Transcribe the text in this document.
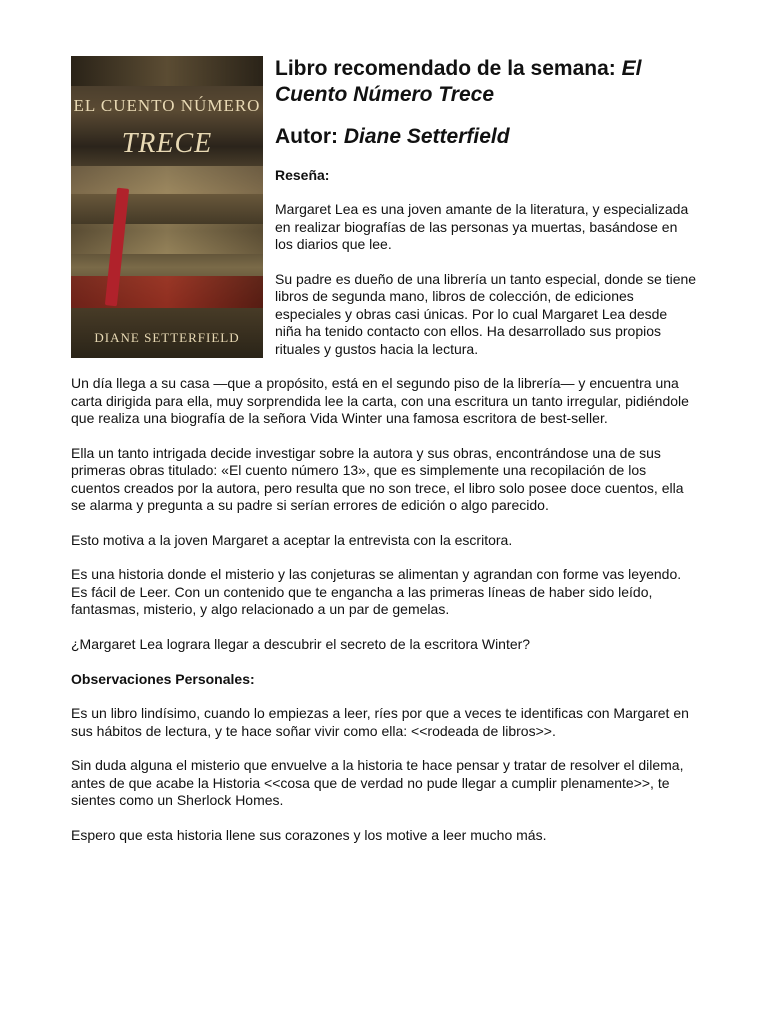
EL CUENTO NÚMERO
TRECE
DIANE SETTERFIELD
Libro recomendado de la semana: El Cuento Número Trece
Autor: Diane Setterfield
Reseña:

Margaret Lea es una joven amante de la literatura, y especializada en realizar biografías de las personas ya muertas, basándose en los diarios que lee.

Su padre es dueño de una librería un tanto especial, donde se tiene libros de segunda mano, libros de colección, de ediciones especiales y obras casi únicas. Por lo cual Margaret Lea desde niña ha tenido contacto con ellos. Ha desarrollado sus propios rituales y gustos hacia la lectura.

Un día llega a su casa —que a propósito, está en el segundo piso de la librería— y encuentra una carta dirigida para ella, muy sorprendida lee la carta, con una escritura un tanto irregular, pidiéndole que realiza una biografía de la señora Vida Winter una famosa escritora de best-seller.

Ella un tanto intrigada decide investigar sobre la autora y sus obras, encontrándose una de sus primeras obras titulado: «El cuento número 13», que es simplemente una recopilación de los cuentos creados por la autora, pero resulta que no son trece, el libro solo posee doce cuentos, ella se alarma y pregunta a su padre si serían errores de edición o algo parecido.

Esto motiva a la joven Margaret a aceptar la entrevista con la escritora.

Es una historia donde el misterio y las conjeturas se alimentan y agrandan con forme vas leyendo. Es fácil de Leer. Con un contenido que te engancha a las primeras líneas de haber sido leído, fantasmas, misterio, y algo relacionado a un par de gemelas.

¿Margaret Lea lograra llegar a descubrir el secreto de la escritora Winter?

Observaciones Personales:

Es un libro lindísimo, cuando lo empiezas a leer, ríes por que a veces te identificas con Margaret en sus hábitos de lectura, y te hace soñar vivir como ella: <<rodeada de libros>>.

Sin duda alguna el misterio que envuelve a la historia te hace pensar y tratar de resolver el dilema, antes de que acabe la Historia <<cosa que de verdad no pude llegar a cumplir plenamente>>, te sientes como un Sherlock Homes.

Espero que esta historia llene sus corazones y los motive a leer mucho más.
